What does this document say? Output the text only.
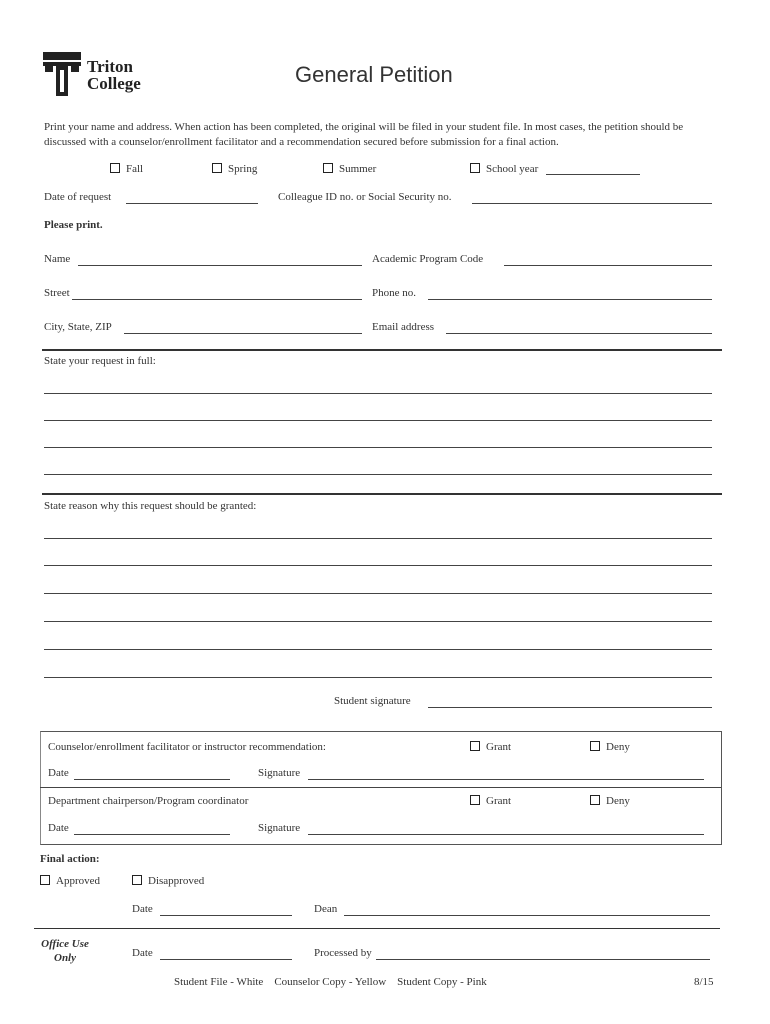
Triton
College	General Petition
Print your name and address. When action has been completed, the original will be filed in your student file. In most cases, the petition should be discussed with a counselor/enrollment facilitator and a recommendation secured before submission for a final action.
Fall	Spring	Summer	School year
Date of request	Colleague ID no. or Social Security no.
Please print.
Name	Academic Program Code
Street	Phone no.
City, State, ZIP	Email address
State your request in full:
State reason why this request should be granted:
Student signature
Counselor/enrollment facilitator or instructor recommendation:	Grant	Deny
Date	Signature
Department chairperson/Program coordinator	Grant	Deny
Date	Signature
Final action:
Approved	Disapproved
Date	Dean
Office Use Only	Date	Processed by
Student File - White    Counselor Copy - Yellow    Student Copy - Pink	8/15
